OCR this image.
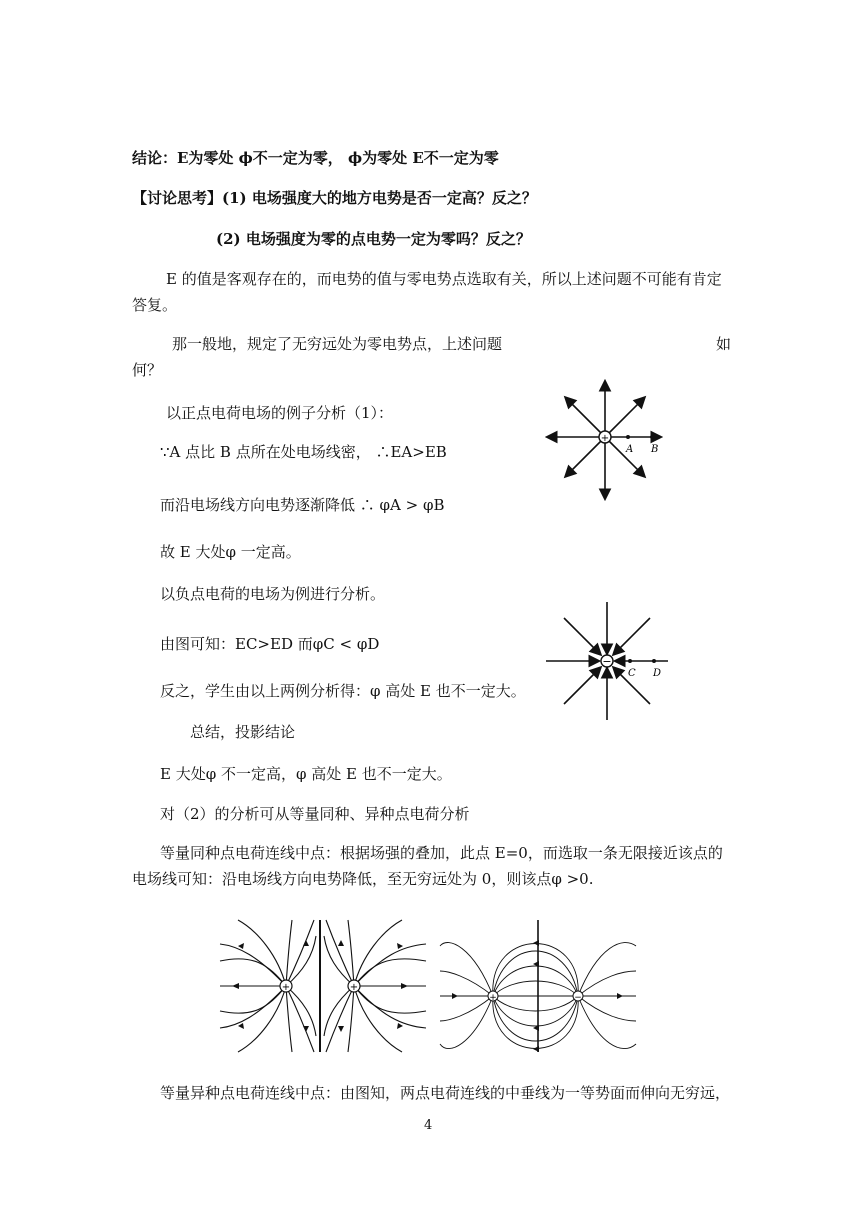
结论：E为零处 ϕ不一定为零， ϕ为零处 E不一定为零
【讨论思考】(1) 电场强度大的地方电势是否一定高？反之？
(2) 电场强度为零的点电势一定为零吗？反之？
E 的值是客观存在的，而电势的值与零电势点选取有关，所以上述问题不可能有肯定答复。
那一般地，规定了无穷远处为零电势点，上述问题	如
何？
以正点电荷电场的例子分析（1）：
∵A 点比 B 点所在处电场线密， ∴EA>EB
而沿电场线方向电势逐渐降低 ∴ φA > φB
故 E 大处φ 一定高。
以负点电荷的电场为例进行分析。
由图可知：EC>ED 而φC < φD
反之，学生由以上两例分析得：φ 高处 E 也不一定大。
总结，投影结论
E 大处φ 不一定高，φ 高处 E 也不一定大。
对（2）的分析可从等量同种、异种点电荷分析
等量同种点电荷连线中点：根据场强的叠加，此点 E=0，而选取一条无限接近该点的电场线可知：沿电场线方向电势降低，至无穷远处为 0，则该点φ >0.
等量异种点电荷连线中点：由图知，两点电荷连线的中垂线为一等势面而伸向无穷远，
4
+
A B
−
C D
+	+
+	−
